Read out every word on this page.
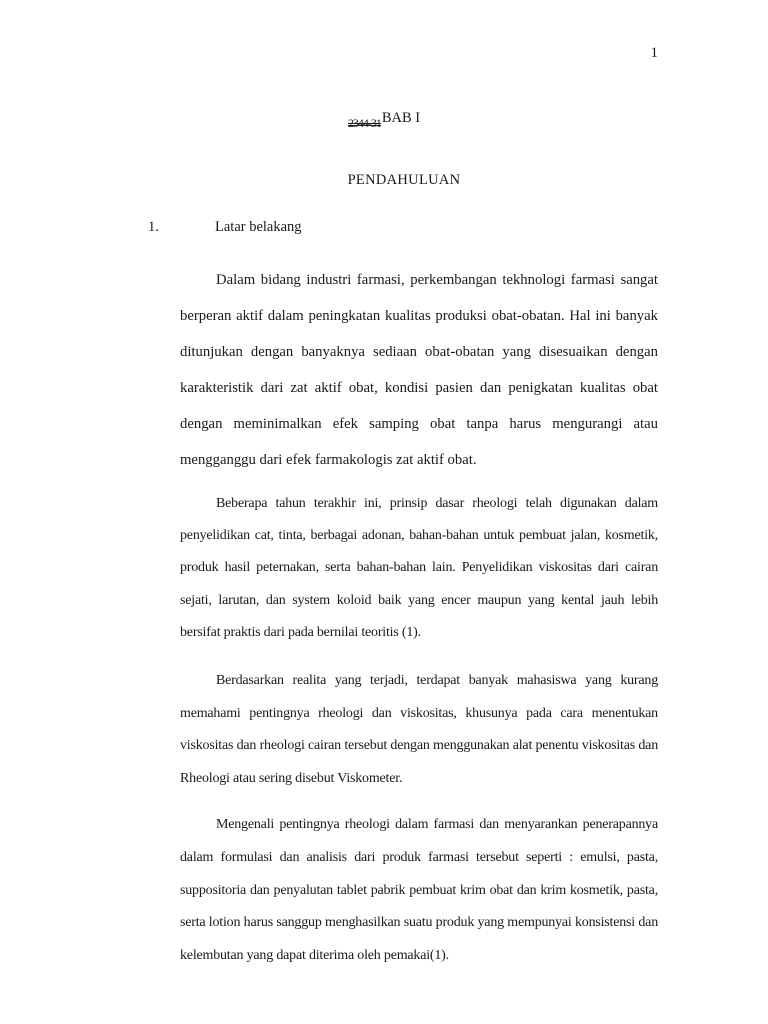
1
$_{2344-31}$BAB I
PENDAHULUAN
1.	Latar belakang

Dalam bidang industri farmasi, perkembangan tekhnologi farmasi sangat berperan aktif dalam peningkatan kualitas produksi obat-obatan. Hal ini banyak ditunjukan dengan banyaknya sediaan obat-obatan yang disesuaikan dengan karakteristik dari zat aktif obat, kondisi pasien dan penigkatan kualitas obat dengan meminimalkan efek samping obat tanpa harus mengurangi atau mengganggu dari efek farmakologis zat aktif obat.

Beberapa tahun terakhir ini, prinsip dasar rheologi telah digunakan dalam penyelidikan cat, tinta, berbagai adonan, bahan-bahan untuk pembuat jalan, kosmetik, produk hasil peternakan, serta bahan-bahan lain. Penyelidikan viskositas dari cairan sejati, larutan, dan system koloid baik yang encer maupun yang kental jauh lebih bersifat praktis dari pada bernilai teoritis (1).

Berdasarkan realita yang terjadi, terdapat banyak mahasiswa yang kurang memahami pentingnya rheologi dan viskositas, khusunya pada cara menentukan viskositas dan rheologi cairan tersebut dengan menggunakan alat penentu viskositas dan Rheologi atau sering disebut Viskometer.

Mengenali pentingnya rheologi dalam farmasi dan menyarankan penerapannya dalam formulasi dan analisis dari produk farmasi tersebut seperti : emulsi, pasta, suppositoria dan penyalutan tablet pabrik pembuat krim obat dan krim kosmetik, pasta, serta lotion harus sanggup menghasilkan suatu produk yang mempunyai konsistensi dan kelembutan yang dapat diterima oleh pemakai(1).
